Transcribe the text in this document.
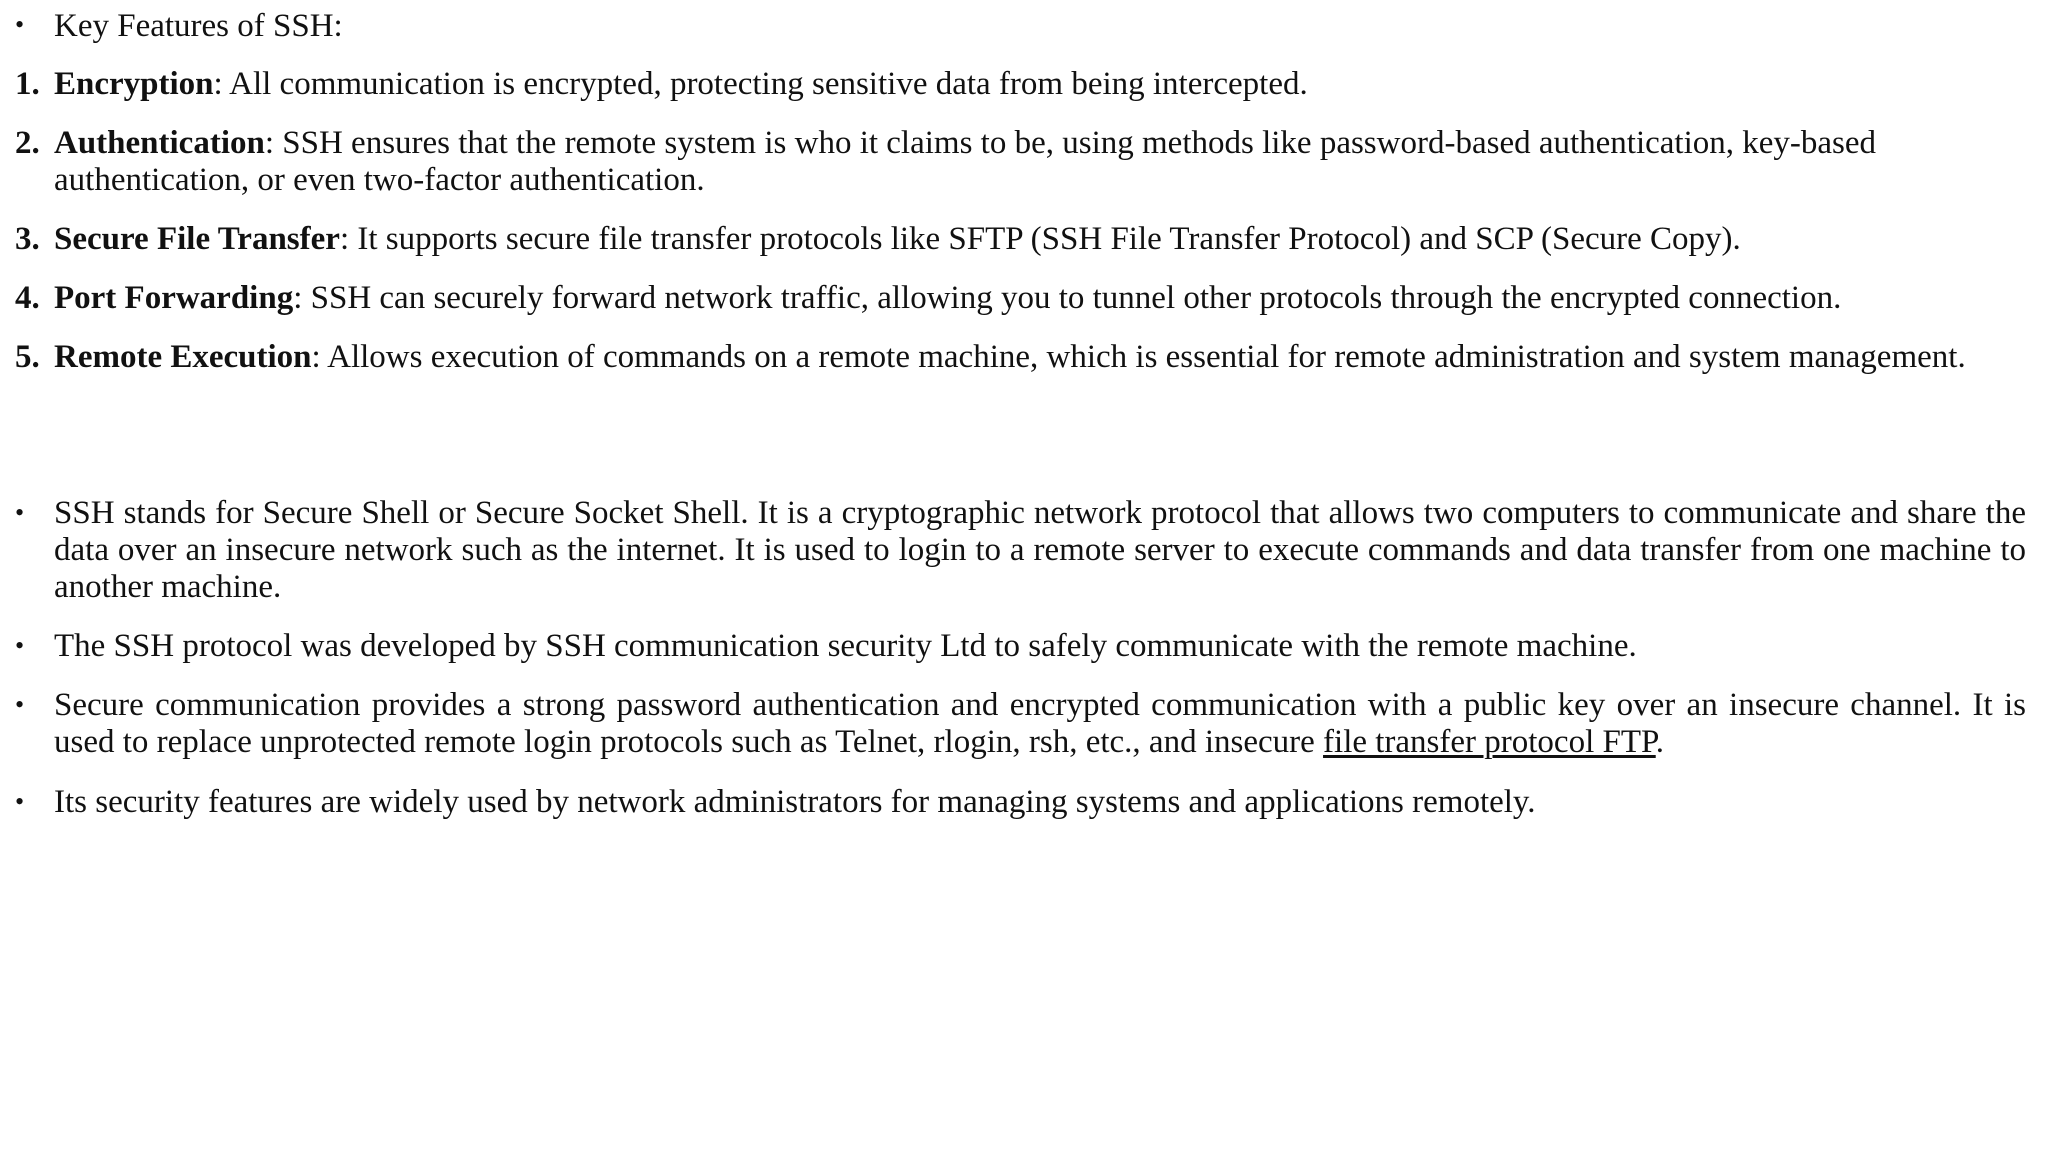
• Key Features of SSH:

1. Encryption: All communication is encrypted, protecting sensitive data from being intercepted.

2. Authentication: SSH ensures that the remote system is who it claims to be, using methods like password-based authentication, key-based authentication, or even two-factor authentication.

3. Secure File Transfer: It supports secure file transfer protocols like SFTP (SSH File Transfer Protocol) and SCP (Secure Copy).

4. Port Forwarding: SSH can securely forward network traffic, allowing you to tunnel other protocols through the encrypted connection.

5. Remote Execution: Allows execution of commands on a remote machine, which is essential for remote administration and system management.

• SSH stands for Secure Shell or Secure Socket Shell. It is a cryptographic network protocol that allows two computers to communicate and share the data over an insecure network such as the internet. It is used to login to a remote server to execute commands and data transfer from one machine to another machine.

• The SSH protocol was developed by SSH communication security Ltd to safely communicate with the remote machine.

• Secure communication provides a strong password authentication and encrypted communication with a public key over an insecure channel. It is used to replace unprotected remote login protocols such as Telnet, rlogin, rsh, etc., and insecure file transfer protocol FTP.

• Its security features are widely used by network administrators for managing systems and applications remotely.
